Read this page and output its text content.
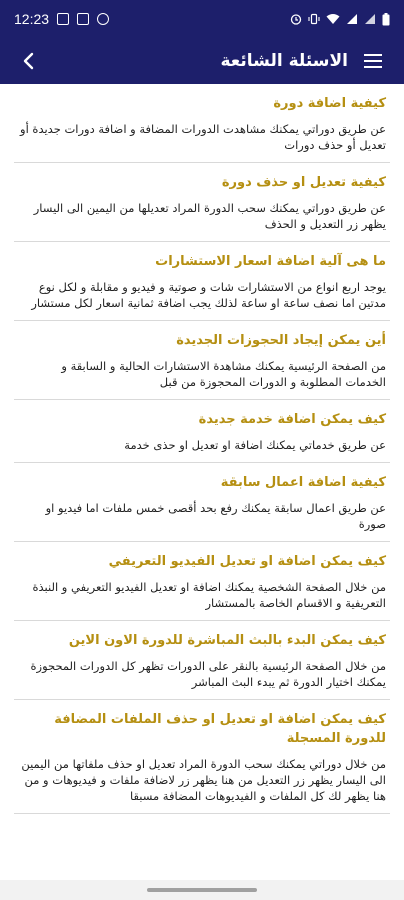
12:23
الاسئلة الشائعة
كيفية اضافة دورة
عن طريق دوراتي يمكنك مشاهدت الدورات المضافة و اضافة دورات جديدة أو تعديل أو حذف دورات
كيفية تعديل او حذف دورة
عن طريق دوراتي يمكنك سحب الدورة المراد تعديلها من اليمين الى اليسار يظهر زر التعديل و الحذف
ما هى آلية اضافة اسعار الاستشارات
يوجد اربع انواع من الاستشارات شات و صوتية و فيديو و مقابلة و لكل نوع مدتين اما نصف ساعة او ساعة لذلك يجب اضافة ثمانية اسعار لكل مستشار
أين يمكن إيجاد الحجوزات الجديدة
من الصفحة الرئيسية يمكنك مشاهدة الاستشارات الحالية و السابقة و الخدمات المطلوبة و الدورات المحجوزة من قبل
كيف يمكن اضافة خدمة جديدة
عن طريق خدماتي يمكنك اضافة او تعديل او حذى خدمة
كيفية اضافة اعمال سابقة
عن طريق اعمال سابقة يمكنك رفع بحد أقصى خمس ملفات اما فيديو او صورة
كيف يمكن اضافة او تعديل الفيديو التعريفي
من خلال الصفحة الشخصية يمكنك اضافة او تعديل الفيديو التعريفي و النبذة التعريفية و الاقسام الخاصة بالمستشار
كيف يمكن البدء بالبث المباشرة للدورة الاون الاين
من خلال الصفحة الرئيسية بالنقر على الدورات تظهر كل الدورات المحجوزة يمكنك اختيار الدورة ثم يبدء البث المباشر
كيف يمكن اضافة او تعديل او حذف الملفات المضافة للدورة المسجلة
من خلال دوراتي يمكنك سحب الدورة المراد تعديل او حذف ملفاتها من اليمين الى اليسار يظهر زر التعديل من هنا يظهر زر لاضافة ملفات و فيديوهات و من هنا يظهر لك كل الملفات و الفيديوهات المضافة مسبقا
